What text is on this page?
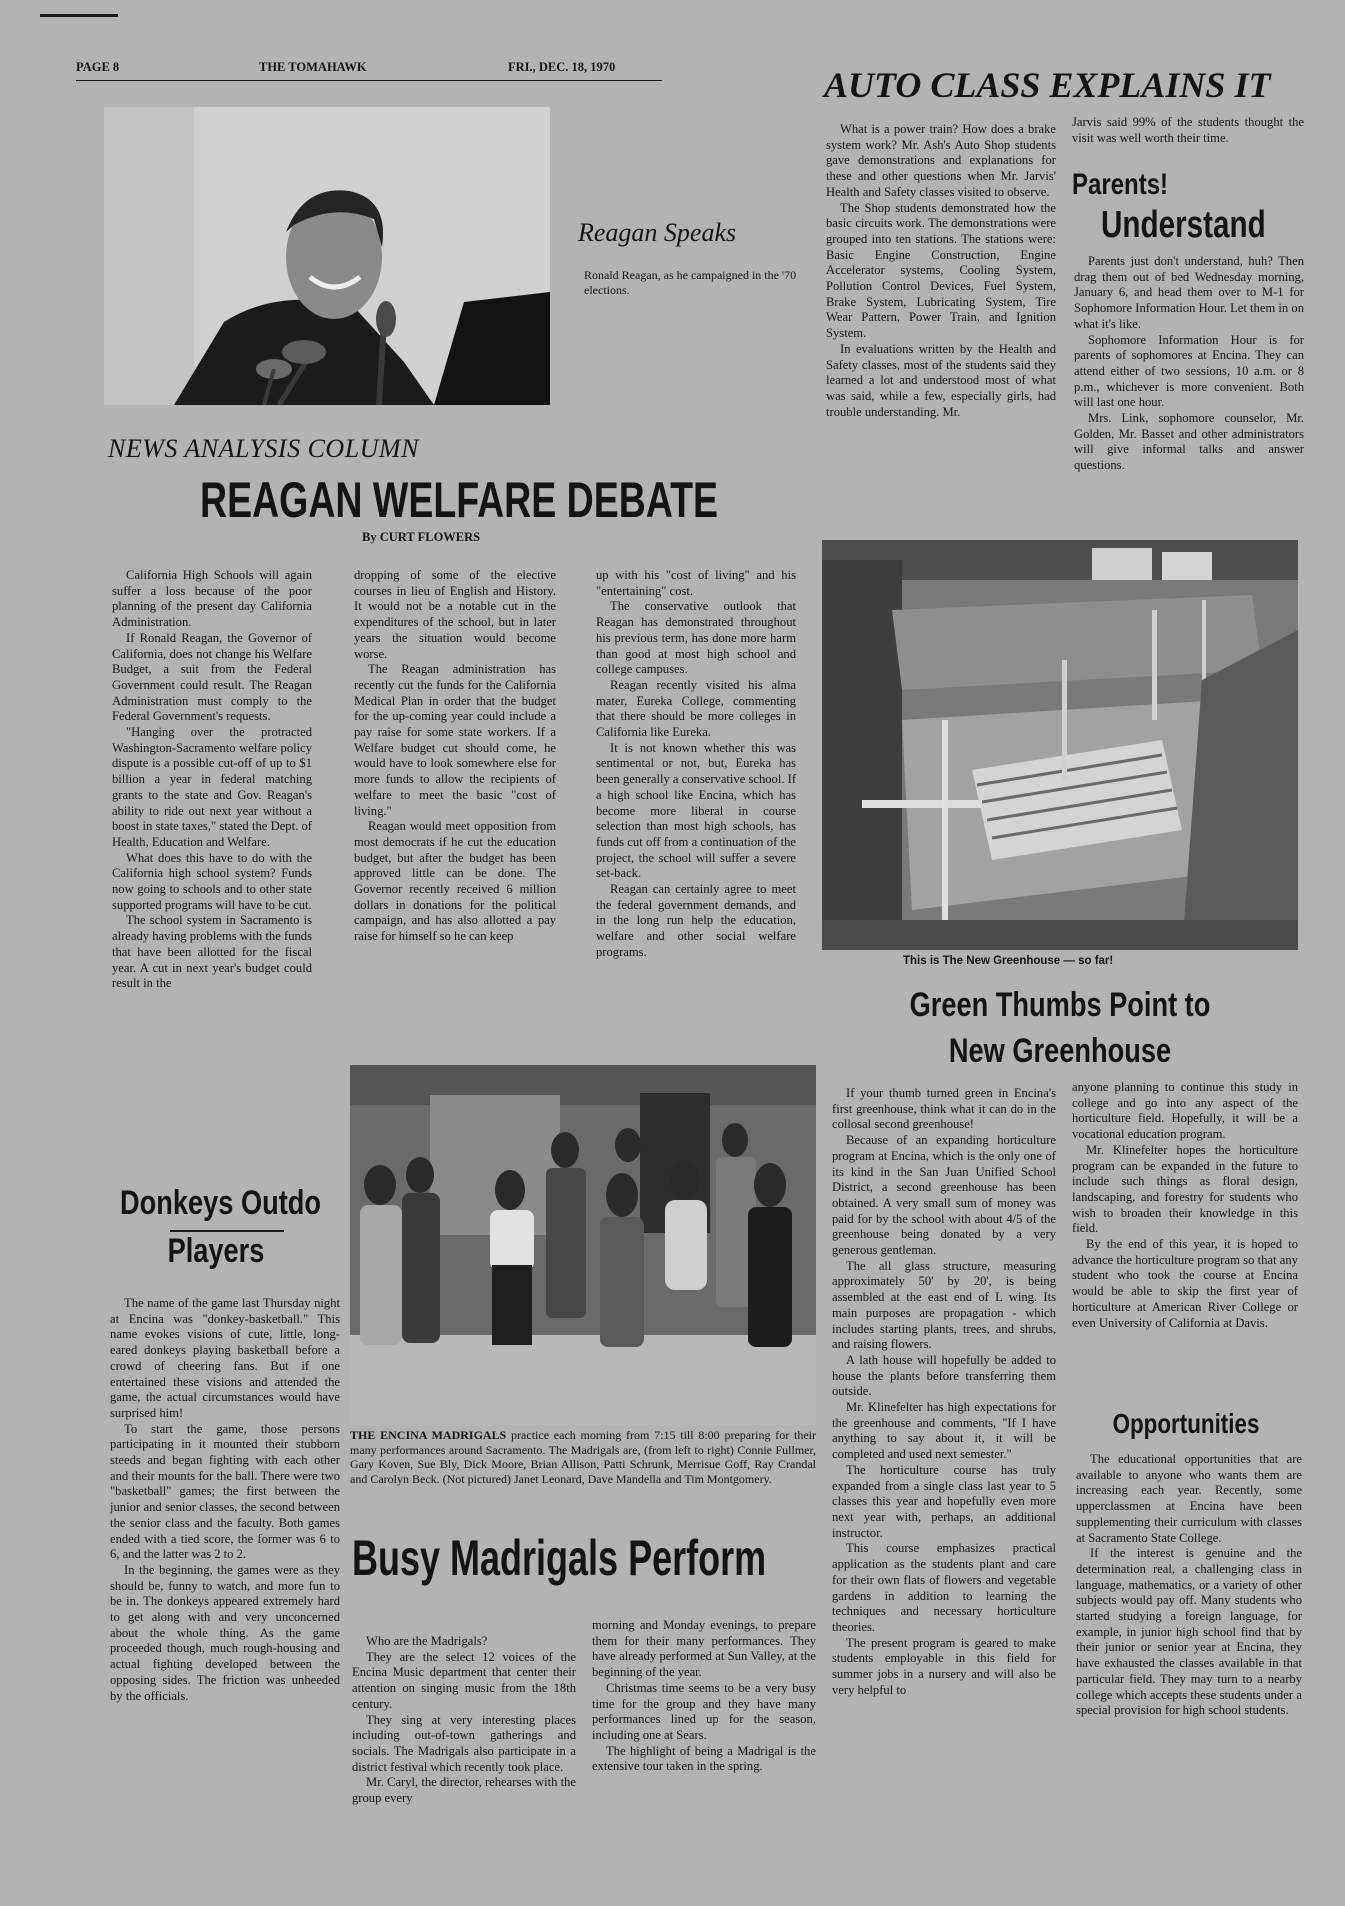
PAGE 8	THE TOMAHAWK	FRI., DEC. 18, 1970
Reagan Speaks
Ronald Reagan, as he campaigned in the '70 elections.
NEWS ANALYSIS COLUMN
REAGAN WELFARE DEBATE
By CURT FLOWERS

California High Schools will again suffer a loss because of the poor planning of the present day California Administration.

If Ronald Reagan, the Governor of California, does not change his Welfare Budget, a suit from the Federal Government could result. The Reagan Administration must comply to the Federal Government's requests.

"Hanging over the protracted Washington-Sacramento welfare policy dispute is a possible cut-off of up to $1 billion a year in federal matching grants to the state and Gov. Reagan's ability to ride out next year without a boost in state taxes," stated the Dept. of Health, Education and Welfare.

What does this have to do with the California high school system? Funds now going to schools and to other state supported programs will have to be cut.

The school system in Sacramento is already having problems with the funds that have been allotted for the fiscal year. A cut in next year's budget could result in the

dropping of some of the elective courses in lieu of English and History. It would not be a notable cut in the expenditures of the school, but in later years the situation would become worse.

The Reagan administration has recently cut the funds for the California Medical Plan in order that the budget for the up-coming year could include a pay raise for some state workers. If a Welfare budget cut should come, he would have to look somewhere else for more funds to allow the recipients of welfare to meet the basic "cost of living."

Reagan would meet opposition from most democrats if he cut the education budget, but after the budget has been approved little can be done. The Governor recently received 6 million dollars in donations for the political campaign, and has also allotted a pay raise for himself so he can keep

up with his "cost of living" and his "entertaining" cost.

The conservative outlook that Reagan has demonstrated throughout his previous term, has done more harm than good at most high school and college campuses.

Reagan recently visited his alma mater, Eureka College, commenting that there should be more colleges in California like Eureka.

It is not known whether this was sentimental or not, but, Eureka has been generally a conservative school. If a high school like Encina, which has become more liberal in course selection than most high schools, has funds cut off from a continuation of the project, the school will suffer a severe set-back.

Reagan can certainly agree to meet the federal government demands, and in the long run help the education, welfare and other social welfare programs.

AUTO CLASS EXPLAINS IT

What is a power train? How does a brake system work? Mr. Ash's Auto Shop students gave demonstrations and explanations for these and other questions when Mr. Jarvis' Health and Safety classes visited to observe.

The Shop students demonstrated how the basic circuits work. The demonstrations were grouped into ten stations. The stations were: Basic Engine Construction, Engine Accelerator systems, Cooling System, Pollution Control Devices, Fuel System, Brake System, Lubricating System, Tire Wear Pattern, Power Train, and Ignition System.

In evaluations written by the Health and Safety classes, most of the students said they learned a lot and understood most of what was said, while a few, especially girls, had trouble understanding. Mr.

Jarvis said 99% of the students thought the visit was well worth their time.

Parents!
Understand

Parents just don't understand, huh? Then drag them out of bed Wednesday morning, January 6, and head them over to M-1 for Sophomore Information Hour. Let them in on what it's like.

Sophomore Information Hour is for parents of sophomores at Encina. They can attend either of two sessions, 10 a.m. or 8 p.m., whichever is more convenient. Both will last one hour.

Mrs. Link, sophomore counselor, Mr. Golden, Mr. Basset and other administrators will give informal talks and answer questions.

This is The New Greenhouse — so far!
Green Thumbs Point to
New Greenhouse

If your thumb turned green in Encina's first greenhouse, think what it can do in the collosal second greenhouse!

Because of an expanding horticulture program at Encina, which is the only one of its kind in the San Juan Unified School District, a second greenhouse has been obtained. A very small sum of money was paid for by the school with about 4/5 of the greenhouse being donated by a very generous gentleman.

The all glass structure, measuring approximately 50' by 20', is being assembled at the east end of L wing. Its main purposes are propagation - which includes starting plants, trees, and shrubs, and raising flowers.

A lath house will hopefully be added to house the plants before transferring them outside.

Mr. Klinefelter has high expectations for the greenhouse and comments, "If I have anything to say about it, it will be completed and used next semester."

The horticulture course has truly expanded from a single class last year to 5 classes this year and hopefully even more next year with, perhaps, an additional instructor.

This course emphasizes practical application as the students plant and care for their own flats of flowers and vegetable gardens in addition to learning the techniques and necessary horticulture theories.

The present program is geared to make students employable in this field for summer jobs in a nursery and will also be very helpful to

anyone planning to continue this study in college and go into any aspect of the horticulture field. Hopefully, it will be a vocational education program.

Mr. Klinefelter hopes the horticulture program can be expanded in the future to include such things as floral design, landscaping, and forestry for students who wish to broaden their knowledge in this field.

By the end of this year, it is hoped to advance the horticulture program so that any student who took the course at Encina would be able to skip the first year of horticulture at American River College or even University of California at Davis.

Opportunities

The educational opportunities that are available to anyone who wants them are increasing each year. Recently, some upperclassmen at Encina have been supplementing their curriculum with classes at Sacramento State College.

If the interest is genuine and the determination real, a challenging class in language, mathematics, or a variety of other subjects would pay off. Many students who started studying a foreign language, for example, in junior high school find that by their junior or senior year at Encina, they have exhausted the classes available in that particular field. They may turn to a nearby college which accepts these students under a special provision for high school students.

Donkeys Outdo
Players

The name of the game last Thursday night at Encina was "donkey-basketball." This name evokes visions of cute, little, long-eared donkeys playing basketball before a crowd of cheering fans. But if one entertained these visions and attended the game, the actual circumstances would have surprised him!

To start the game, those persons participating in it mounted their stubborn steeds and began fighting with each other and their mounts for the ball. There were two "basketball" games; the first between the junior and senior classes, the second between the senior class and the faculty. Both games ended with a tied score, the former was 6 to 6, and the latter was 2 to 2.

In the beginning, the games were as they should be, funny to watch, and more fun to be in. The donkeys appeared extremely hard to get along with and very unconcerned about the whole thing. As the game proceeded though, much rough-housing and actual fighting developed between the opposing sides. The friction was unheeded by the officials.

THE ENCINA MADRIGALS practice each morning from 7:15 till 8:00 preparing for their many performances around Sacramento. The Madrigals are, (from left to right) Connie Fullmer, Gary Koven, Sue Bly, Dick Moore, Brian Allison, Patti Schrunk, Merrisue Goff, Ray Crandal and Carolyn Beck. (Not pictured) Janet Leonard, Dave Mandella and Tim Montgomery.
Busy Madrigals Perform

Who are the Madrigals?

They are the select 12 voices of the Encina Music department that center their attention on singing music from the 18th century.

They sing at very interesting places including out-of-town gatherings and socials. The Madrigals also participate in a district festival which recently took place.

Mr. Caryl, the director, rehearses with the group every

morning and Monday evenings, to prepare them for their many performances. They have already performed at Sun Valley, at the beginning of the year.

Christmas time seems to be a very busy time for the group and they have many performances lined up for the season, including one at Sears.

The highlight of being a Madrigal is the extensive tour taken in the spring.
